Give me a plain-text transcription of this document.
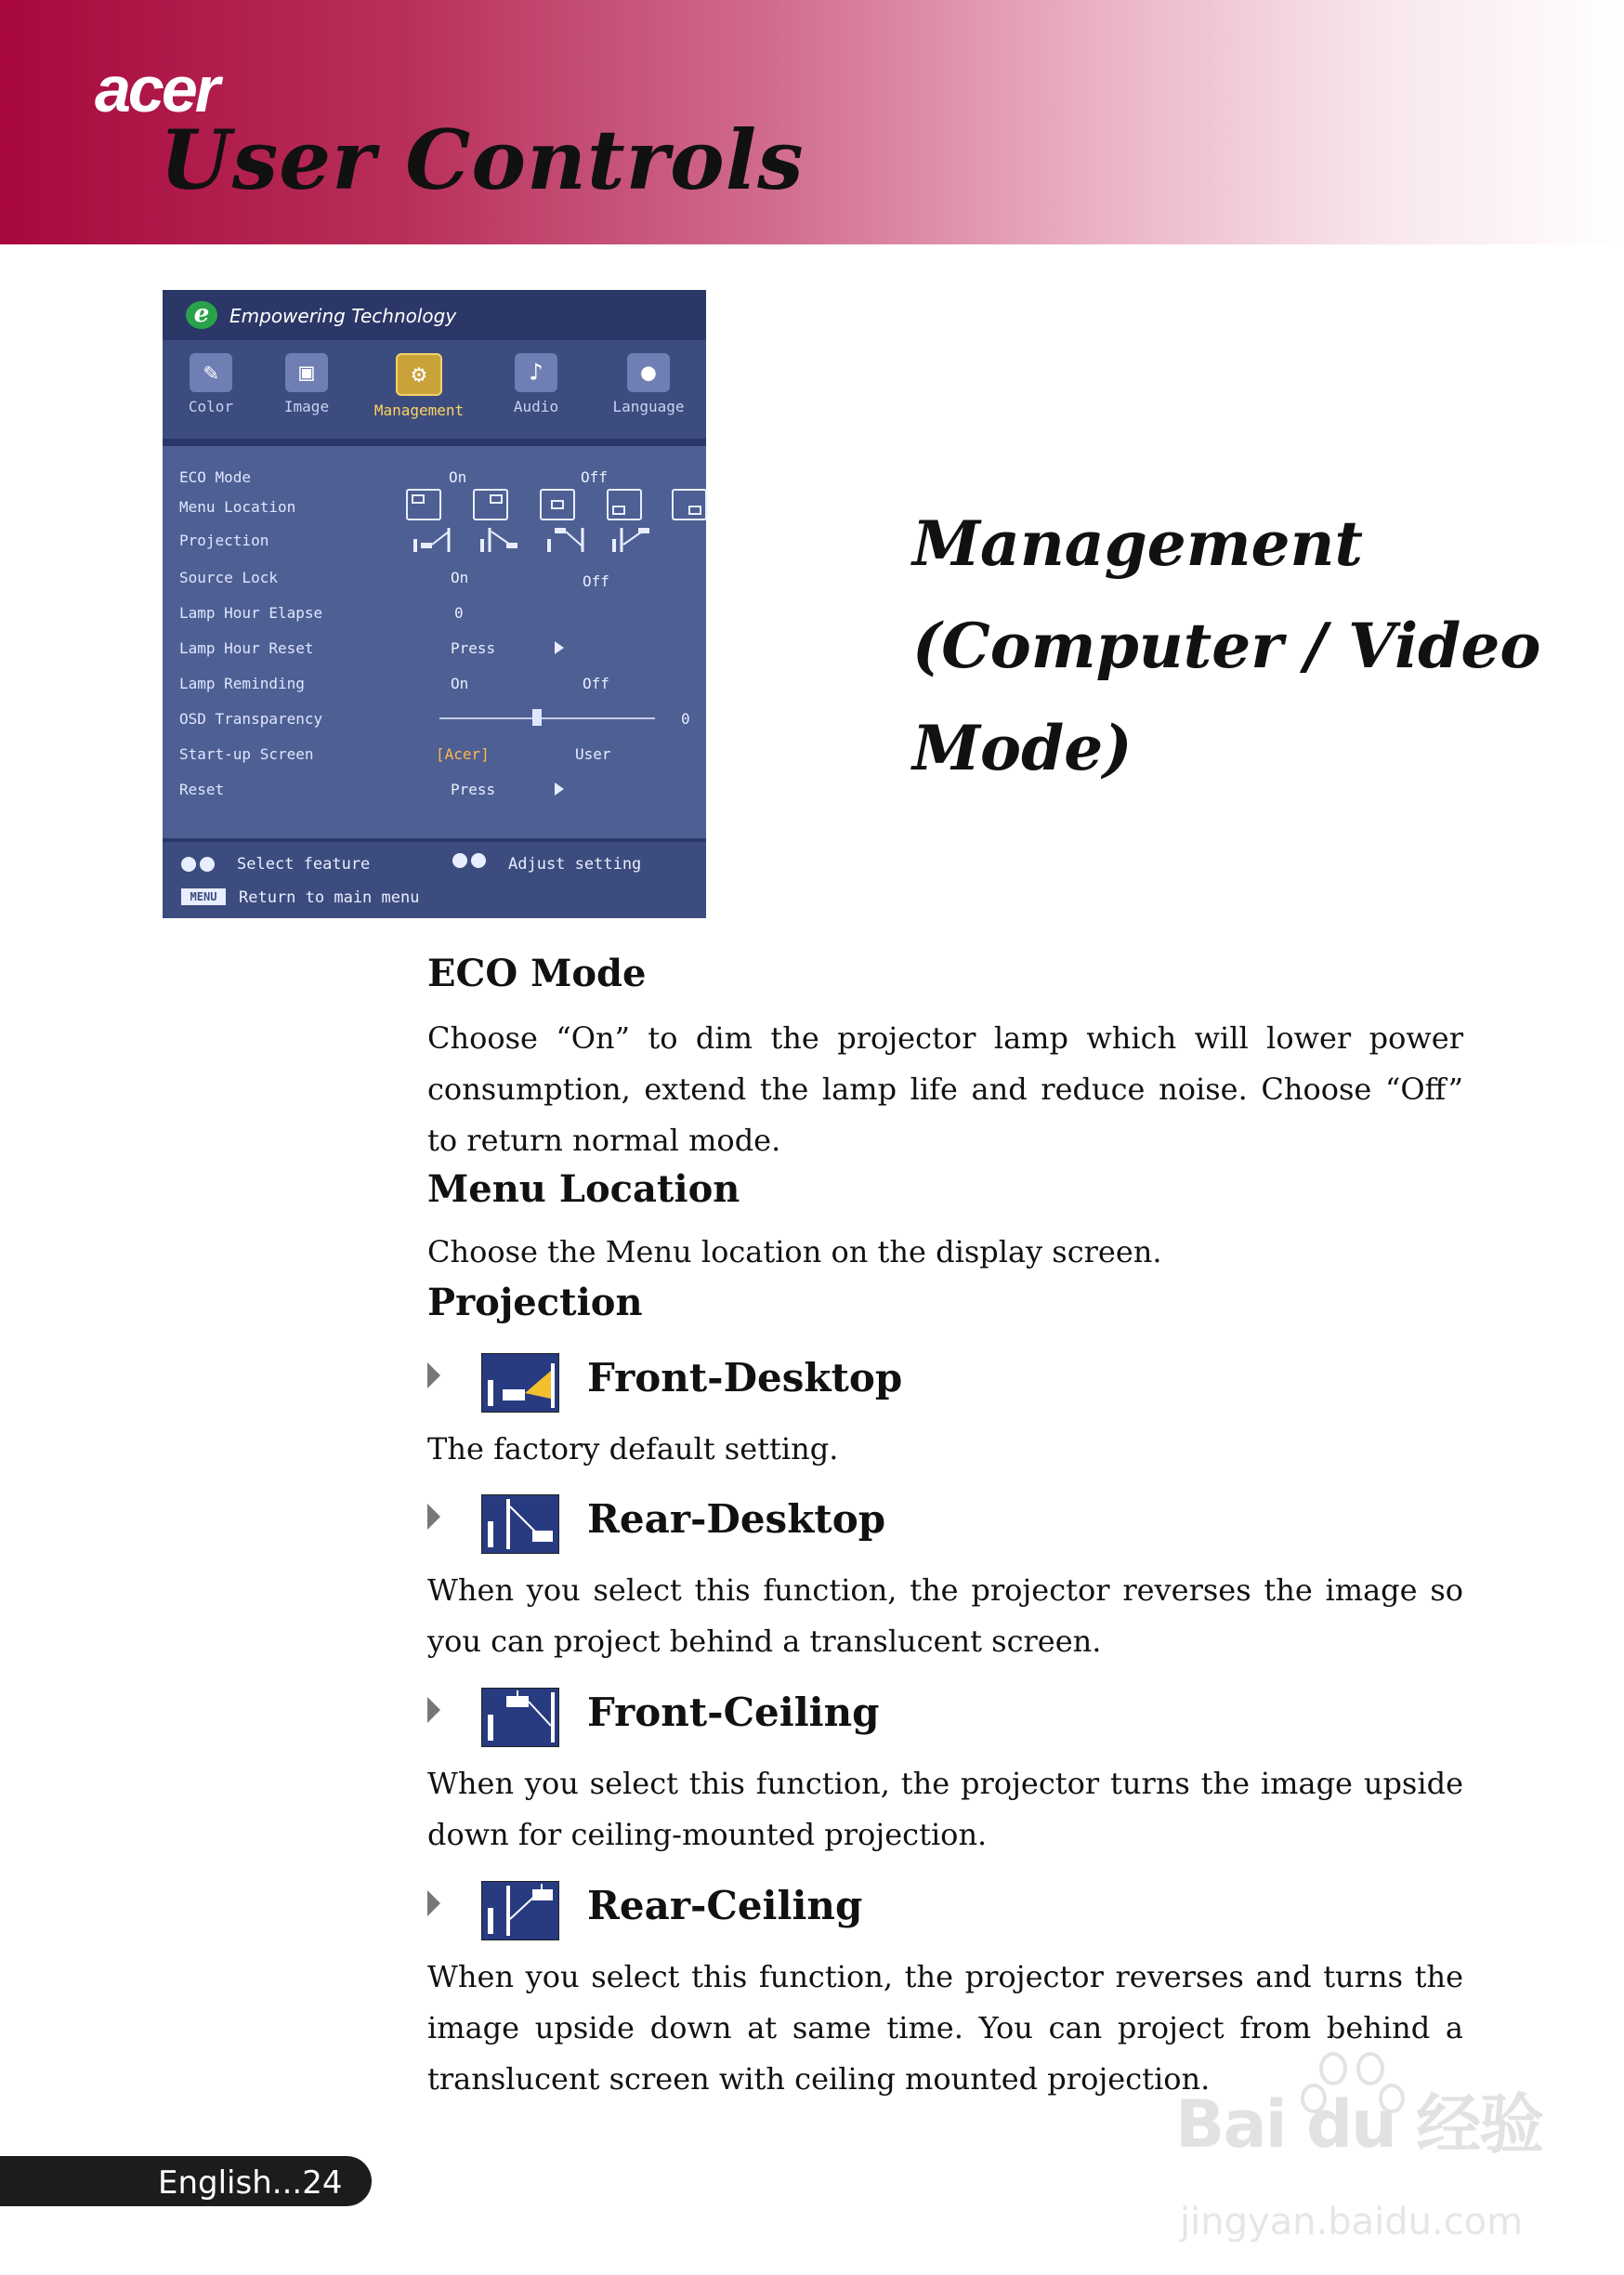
acer
User Controls
e	Empowering Technology
✎
Color
▣
Image
⚙
Management
♪
Audio
●
Language
ECO Mode	On	Off
Menu Location
Projection
Source Lock	On	Off
Lamp Hour Elapse	0
Lamp Hour Reset	Press
Lamp Reminding	On	Off
OSD Transparency	0
Start-up Screen	[Acer]	User
Reset	Press
Select feature	Adjust setting
MENU	Return to main menu
Management
(Computer / Video
Mode)
ECO Mode
Choose “On” to dim the projector lamp which will lower power consumption, extend the lamp life and reduce noise. Choose “Off” to return normal mode.
Menu Location
Choose the Menu location on the display screen.
Projection
Front-Desktop
The factory default setting.
Rear-Desktop
When you select this function, the projector reverses the image so you can project behind a translucent screen.
Front-Ceiling
When you select this function, the projector turns the image upside down for ceiling-mounted projection.
Rear-Ceiling
When you select this function, the projector reverses and turns the image upside down at same time. You can project from behind a translucent screen with ceiling mounted projection.
English...24
Bai du 经验
jingyan.baidu.com
